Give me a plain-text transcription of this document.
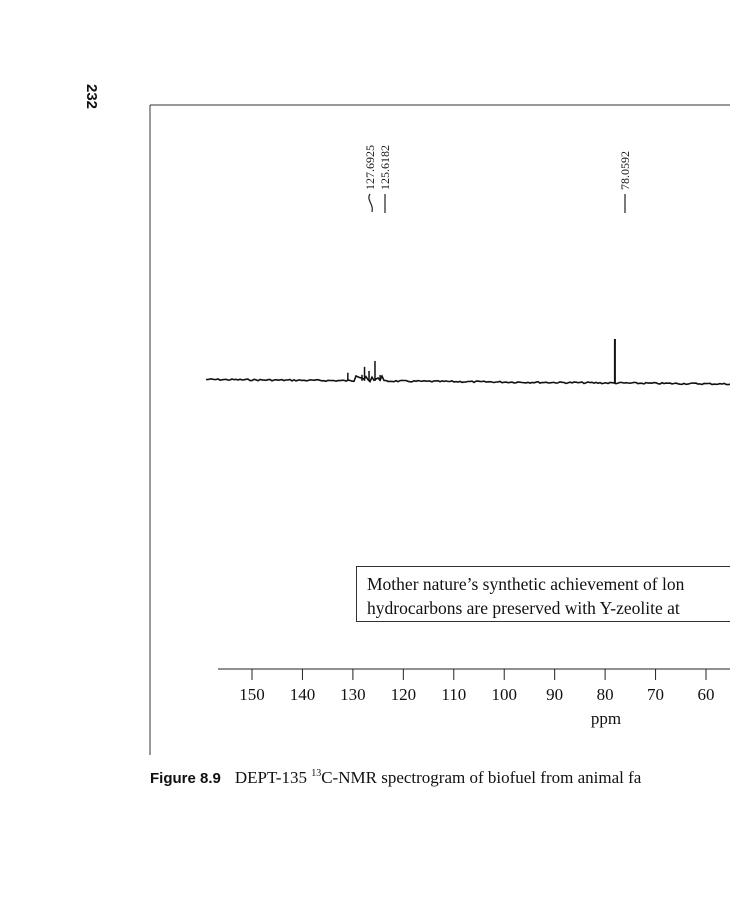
232
150 140 130 120 110 100 90 80 70 60
ppm
127.6925 125.6182	78.0592
Mother nature’s synthetic achievement of lon
hydrocarbons are preserved with Y-zeolite at
Figure 8.9 DEPT-135 $^{13}$C-NMR spectrogram of biofuel from animal fa
